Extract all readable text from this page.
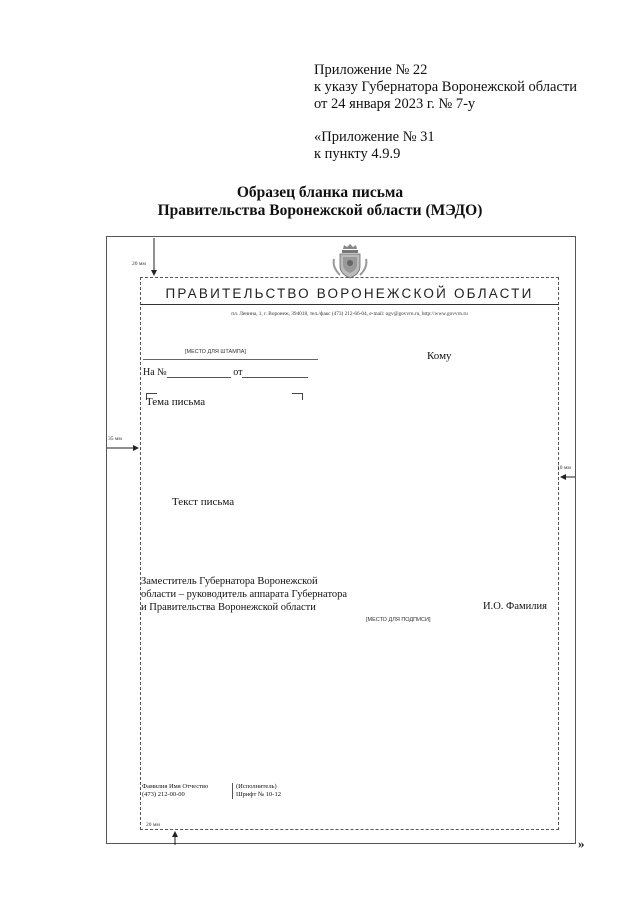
Приложение № 22
к указу Губернатора Воронежской области
от 24 января 2023 г. № 7-у
«Приложение № 31
к пункту 4.9.9
Образец бланка письма
Правительства Воронежской области (МЭДО)
ПРАВИТЕЛЬСТВО ВОРОНЕЖСКОЙ ОБЛАСТИ
пл. Ленина, 1, г. Воронеж, 394018, тел./факс (473) 212-66-04, e-mail: ogv@govvrn.ru, http://www.govvrn.ru
[МЕСТО ДЛЯ ШТАМПА]	Кому
На №	от
Тема письма
Текст письма
Заместитель Губернатора Воронежской
области – руководитель аппарата Губернатора
и Правительства Воронежской области	И.О. Фамилия
[МЕСТО ДЛЯ ПОДПИСИ]
Фамилия Имя Отчество
(473) 212-00-00
(Исполнитель)
Шрифт № 10-12
20 мм
35 мм
10 мм
20 мм
»
